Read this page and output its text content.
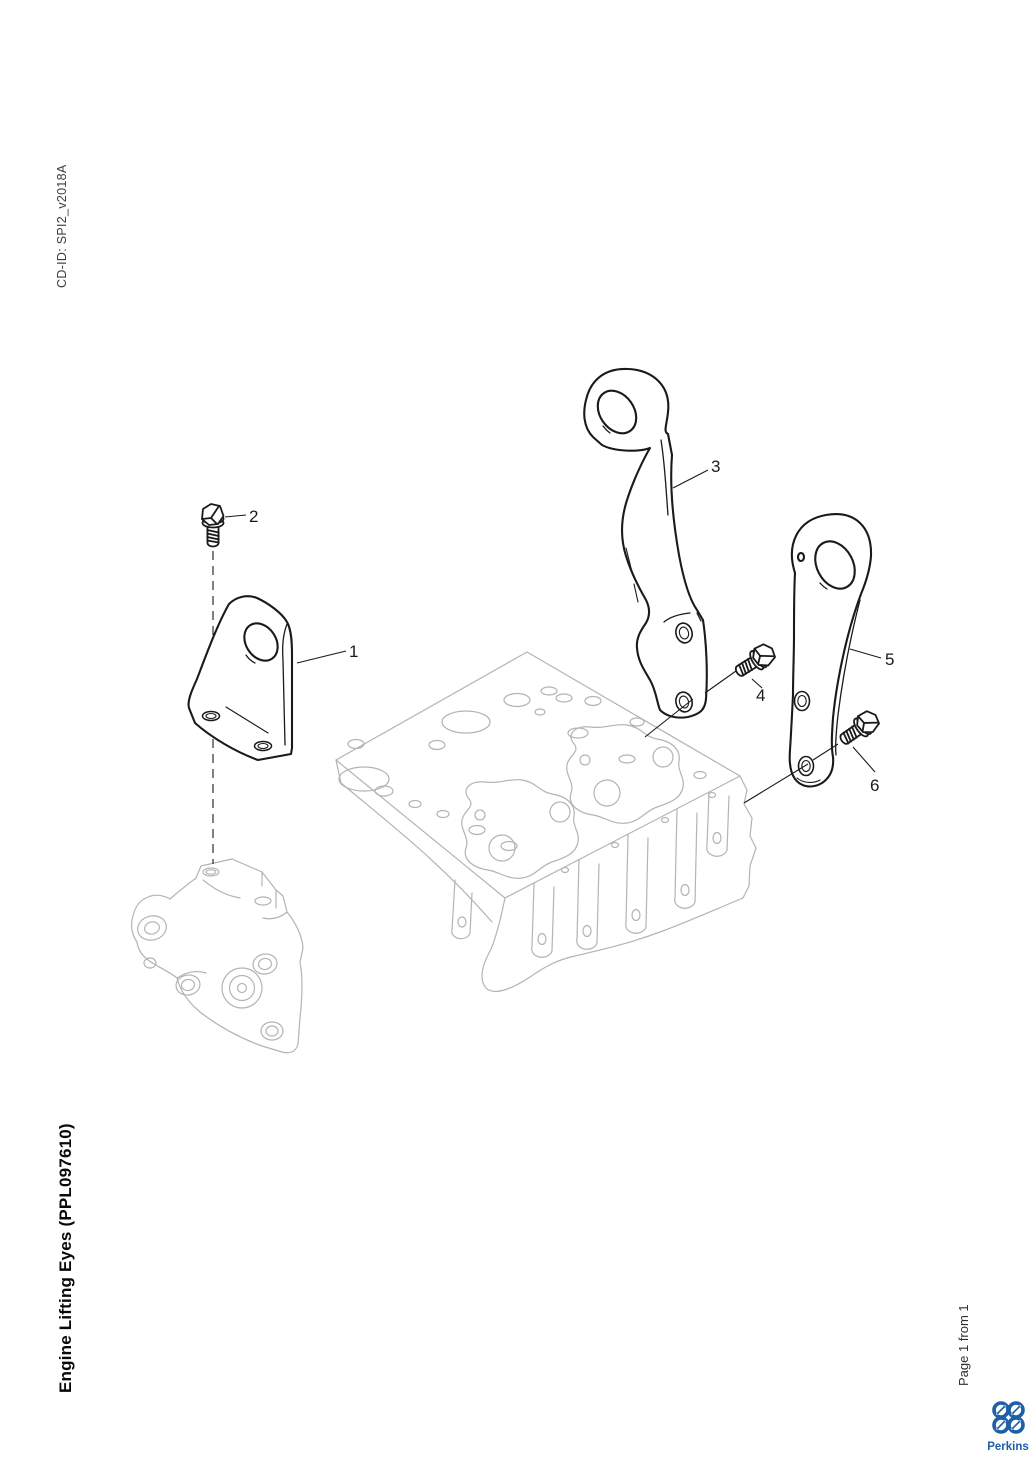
CD-ID: SPI2_v2018A
Engine Lifting Eyes (PPL097610)	Page 1 from 1
1
2
3
4
5
6
Perkins
